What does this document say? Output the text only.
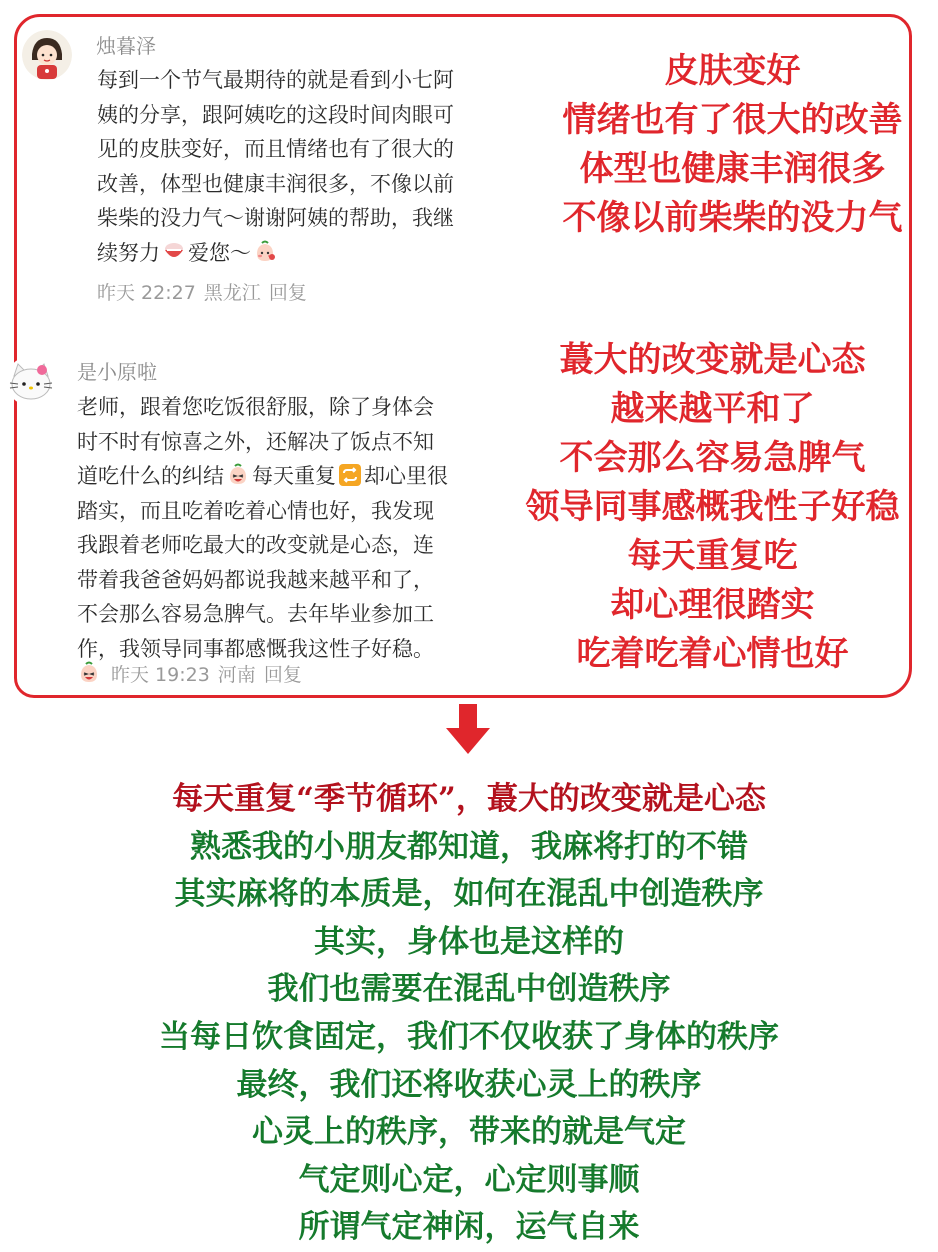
烛暮泽
每到一个节气最期待的就是看到小七阿
姨的分享，跟阿姨吃的这段时间肉眼可
见的皮肤变好，而且情绪也有了很大的
改善，体型也健康丰润很多，不像以前
柴柴的没力气～谢谢阿姨的帮助，我继
续努力 爱您～
昨天 22:27 黑龙江 回复
皮肤变好
情绪也有了很大的改善
体型也健康丰润很多
不像以前柴柴的没力气
是小原啦
老师，跟着您吃饭很舒服，除了身体会
时不时有惊喜之外，还解决了饭点不知
道吃什么的纠结 每天重复 却心里很
踏实，而且吃着吃着心情也好，我发现
我跟着老师吃最大的改变就是心态，连
带着我爸爸妈妈都说我越来越平和了，
不会那么容易急脾气。去年毕业参加工
作，我领导同事都感慨我这性子好稳。
昨天 19:23 河南 回复
蕞大的改变就是心态
越来越平和了
不会那么容易急脾气
领导同事感概我性子好稳
每天重复吃
却心理很踏实
吃着吃着心情也好
每天重复“季节循环”，蕞大的改变就是心态
熟悉我的小朋友都知道，我麻将打的不错
其实麻将的本质是，如何在混乱中创造秩序
其实，身体也是这样的
我们也需要在混乱中创造秩序
当每日饮食固定，我们不仅收获了身体的秩序
最终，我们还将收获心灵上的秩序
心灵上的秩序，带来的就是气定
气定则心定，心定则事顺
所谓气定神闲，运气自来
